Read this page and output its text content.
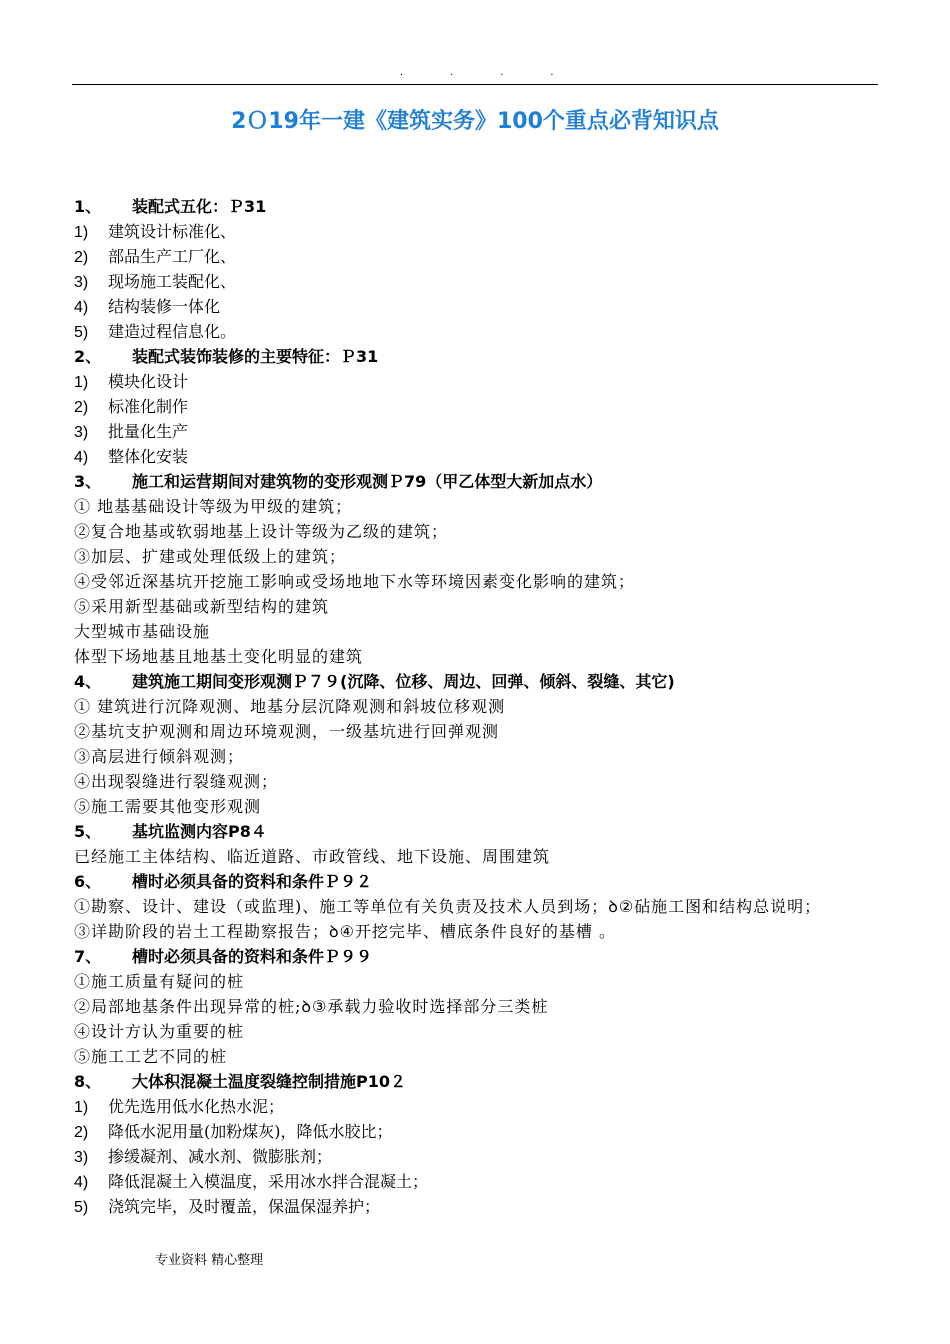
. . . .
2Ｏ19年一建《建筑实务》100个重点必背知识点
1、 装配式五化：Ｐ31
1) 建筑设计标准化、
2) 部品生产工厂化、
3) 现场施工装配化、
4) 结构装修一体化
5) 建造过程信息化。
2、 装配式装饰装修的主要特征：Ｐ31
1) 模块化设计
2) 标准化制作
3) 批量化生产
4) 整体化安装
3、 施工和运营期间对建筑物的变形观测Ｐ79（甲乙体型大新加点水）
① 地基基础设计等级为甲级的建筑；
②复合地基或软弱地基上设计等级为乙级的建筑；
③加层、扩建或处理低级上的建筑；
④受邻近深基坑开挖施工影响或受场地地下水等环境因素变化影响的建筑；
⑤采用新型基础或新型结构的建筑
大型城市基础设施
体型下场地基且地基土变化明显的建筑
4、 建筑施工期间变形观测Ｐ７９(沉降、位移、周边、回弹、倾斜、裂缝、其它)
① 建筑进行沉降观测、地基分层沉降观测和斜坡位移观测
②基坑支护观测和周边环境观测，一级基坑进行回弹观测
③高层进行倾斜观测；
④出现裂缝进行裂缝观测；
⑤施工需要其他变形观测
5、 基坑监测内容P8４
已经施工主体结构、临近道路、市政管线、地下设施、周围建筑
6、 槽时必须具备的资料和条件Ｐ９２
①勘察、设计、建设（或监理)、施工等单位有关负责及技术人员到场；ꝺ②砧施工图和结构总说明；
③详勘阶段的岩土工程勘察报告；ꝺ④开挖完毕、槽底条件良好的基槽 。
7、 槽时必须具备的资料和条件Ｐ９９
①施工质量有疑问的桩
②局部地基条件出现异常的桩;ꝺ③承载力验收时选择部分三类桩
④设计方认为重要的桩
⑤施工工艺不同的桩
8、 大体积混凝土温度裂缝控制措施P10２
1) 优先选用低水化热水泥；
2) 降低水泥用量(加粉煤灰)，降低水胶比；
3) 掺缓凝剂、减水剂、微膨胀剂；
4) 降低混凝土入模温度，采用冰水拌合混凝土；
5) 浇筑完毕，及时覆盖，保温保湿养护；
专业资料 精心整理
